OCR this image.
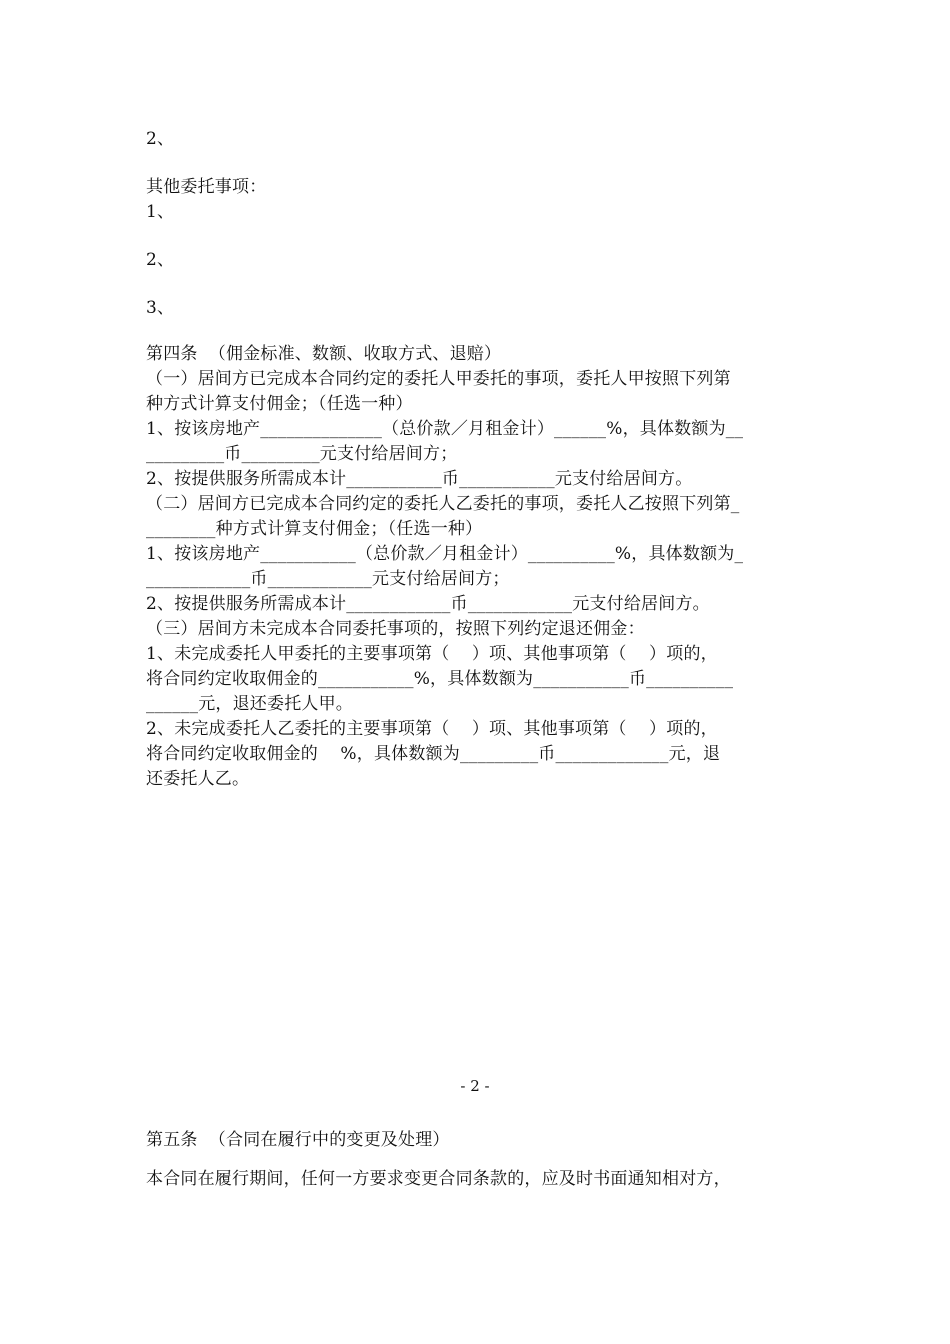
2、

其他委托事项：

1、

2、

3、

第四条  （佣金标准、数额、收取方式、退赔）

（一）居间方已完成本合同约定的委托人甲委托的事项，委托人甲按照下列第

种方式计算支付佣金；（任选一种）

1、按该房地产______________（总价款／月租金计）______%，具体数额为__

_________币_________元支付给居间方；

2、按提供服务所需成本计___________币___________元支付给居间方。

（二）居间方已完成本合同约定的委托人乙委托的事项，委托人乙按照下列第_

________种方式计算支付佣金；（任选一种）

1、按该房地产___________（总价款／月租金计）__________%，具体数额为_

____________币____________元支付给居间方；

2、按提供服务所需成本计____________币____________元支付给居间方。

（三）居间方未完成本合同委托事项的，按照下列约定退还佣金：

1、未完成委托人甲委托的主要事项第（    ）项、其他事项第（    ）项的，

将合同约定收取佣金的___________%，具体数额为___________币__________

______元，退还委托人甲。

2、未完成委托人乙委托的主要事项第（    ）项、其他事项第（    ）项的，

将合同约定收取佣金的    %，具体数额为_________币_____________元，退

还委托人乙。

- 2 -

第五条  （合同在履行中的变更及处理）

本合同在履行期间，任何一方要求变更合同条款的，应及时书面通知相对方，
